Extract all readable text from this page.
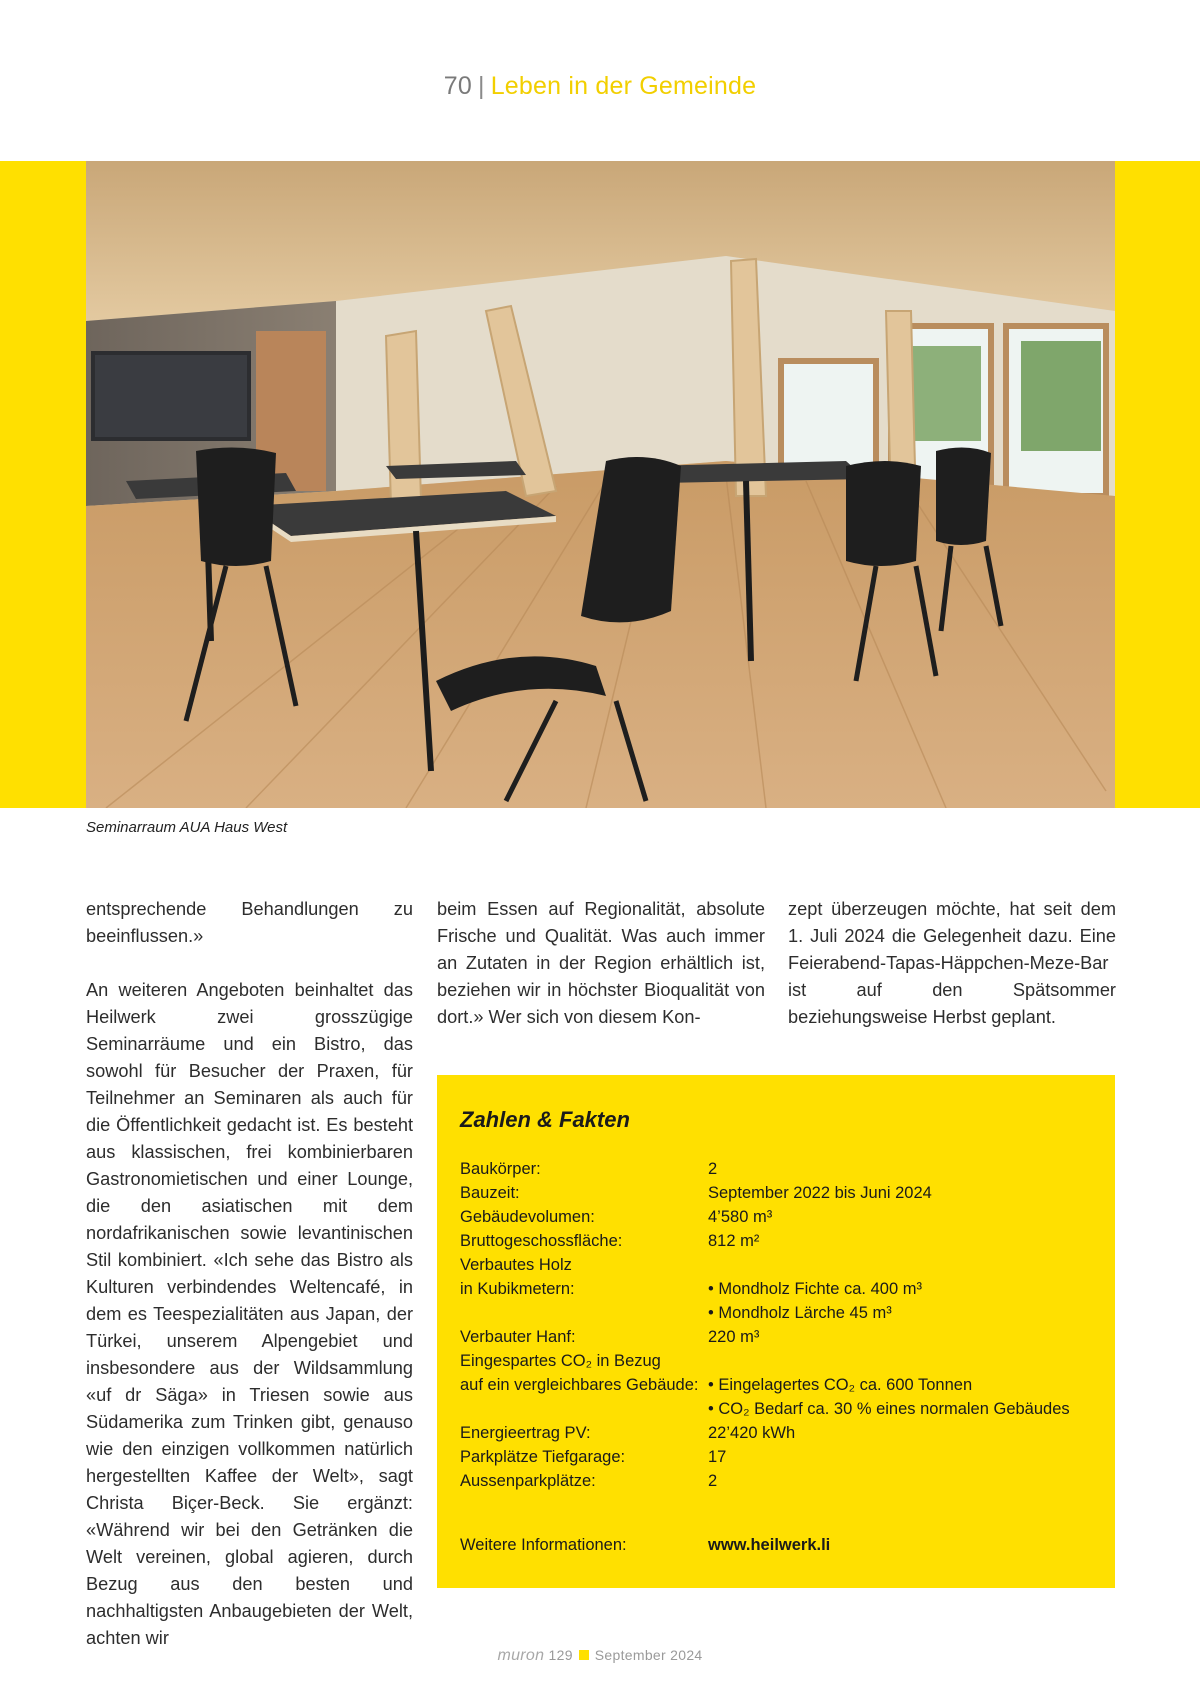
70 | Leben in der Gemeinde
Seminarraum AUA Haus West

entsprechende Behandlungen zu beeinflussen.»

An weiteren Angeboten beinhaltet das Heilwerk zwei grosszügige Seminarräume und ein Bistro, das sowohl für Besucher der Praxen, für Teilnehmer an Seminaren als auch für die Öffentlichkeit gedacht ist. Es besteht aus klassischen, frei kombinierbaren Gastronomietischen und einer Lounge, die den asiatischen mit dem nordafrikanischen sowie levantinischen Stil kombiniert. «Ich sehe das Bistro als Kulturen verbindendes Weltencafé, in dem es Teespezialitäten aus Japan, der Türkei, unserem Alpengebiet und insbesondere aus der Wildsammlung «uf dr Säga» in Triesen sowie aus Südamerika zum Trinken gibt, genauso wie den einzigen vollkommen natürlich hergestellten Kaffee der Welt», sagt Christa Biçer-Beck. Sie ergänzt: «Während wir bei den Getränken die Welt vereinen, global agieren, durch Bezug aus den besten und nachhaltigsten Anbaugebieten der Welt, achten wir

beim Essen auf Regionalität, absolute Frische und Qualität. Was auch immer an Zutaten in der Region erhältlich ist, beziehen wir in höchster Bioqualität von dort.» Wer sich von diesem Kon-

zept überzeugen möchte, hat seit dem 1. Juli 2024 die Gelegenheit dazu. Eine Feierabend-Tapas-Häppchen-Meze-Bar ist auf den Spätsommer beziehungsweise Herbst geplant.

Zahlen & Fakten
Baukörper:	2
Bauzeit:	September 2022 bis Juni 2024
Gebäudevolumen:	4’580 m³
Bruttogeschossfläche:	812 m²
Verbautes Holz
in Kubikmetern:	• Mondholz Fichte ca. 400 m³
• Mondholz Lärche 45 m³
Verbauter Hanf:	220 m³
Eingespartes CO₂ in Bezug
auf ein vergleichbares Gebäude: • Eingelagertes CO₂ ca. 600 Tonnen
• CO₂ Bedarf ca. 30 % eines normalen Gebäudes
Energieertrag PV:	22’420 kWh
Parkplätze Tiefgarage:	17
Aussenparkplätze:	2
Weitere Informationen:	www.heilwerk.li
muron 129 September 2024
